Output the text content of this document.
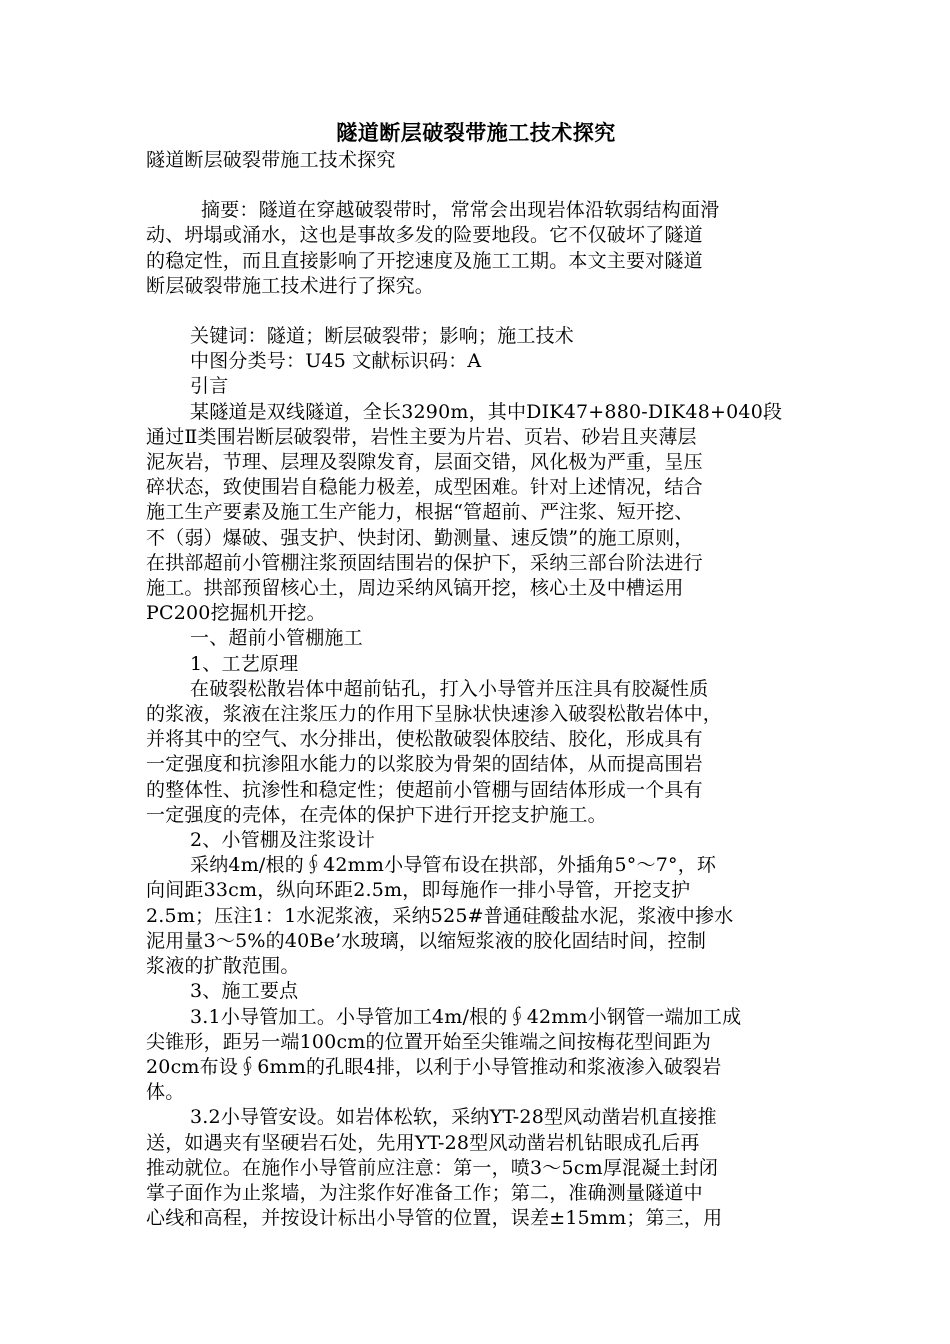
隧道断层破裂带施工技术探究
隧道断层破裂带施工技术探究
摘要：隧道在穿越破裂带时，常常会出现岩体沿软弱结构面滑
动、坍塌或涌水，这也是事故多发的险要地段。它不仅破坏了隧道
的稳定性，而且直接影响了开挖速度及施工工期。本文主要对隧道
断层破裂带施工技术进行了探究。
关键词：隧道；断层破裂带；影响；施工技术
中图分类号：U45 文献标识码：A
引言
某隧道是双线隧道，全长3290m，其中DIK47+880-DIK48+040段
通过Ⅱ类围岩断层破裂带，岩性主要为片岩、页岩、砂岩且夹薄层
泥灰岩，节理、层理及裂隙发育，层面交错，风化极为严重，呈压
碎状态，致使围岩自稳能力极差，成型困难。针对上述情况，结合
施工生产要素及施工生产能力，根据“管超前、严注浆、短开挖、
不（弱）爆破、强支护、快封闭、勤测量、速反馈”的施工原则，
在拱部超前小管棚注浆预固结围岩的保护下，采纳三部台阶法进行
施工。拱部预留核心土，周边采纳风镐开挖，核心土及中槽运用
PC200挖掘机开挖。
一、超前小管棚施工
1、工艺原理
在破裂松散岩体中超前钻孔，打入小导管并压注具有胶凝性质
的浆液，浆液在注浆压力的作用下呈脉状快速渗入破裂松散岩体中，
并将其中的空气、水分排出，使松散破裂体胶结、胶化，形成具有
一定强度和抗渗阻水能力的以浆胶为骨架的固结体，从而提高围岩
的整体性、抗渗性和稳定性；使超前小管棚与固结体形成一个具有
一定强度的壳体，在壳体的保护下进行开挖支护施工。
2、小管棚及注浆设计
采纳4m/根的∮42mm小导管布设在拱部，外插角5°～7°，环
向间距33cm，纵向环距2.5m，即每施作一排小导管，开挖支护
2.5m；压注1：1水泥浆液，采纳525#普通硅酸盐水泥，浆液中掺水
泥用量3～5%的40Be’水玻璃，以缩短浆液的胶化固结时间，控制
浆液的扩散范围。
3、施工要点
3.1小导管加工。小导管加工4m/根的∮42mm小钢管一端加工成
尖锥形，距另一端100cm的位置开始至尖锥端之间按梅花型间距为
20cm布设∮6mm的孔眼4排，以利于小导管推动和浆液渗入破裂岩
体。
3.2小导管安设。如岩体松软，采纳YT-28型风动凿岩机直接推
送，如遇夹有坚硬岩石处，先用YT-28型风动凿岩机钻眼成孔后再
推动就位。在施作小导管前应注意：第一，喷3～5cm厚混凝土封闭
掌子面作为止浆墙，为注浆作好准备工作；第二，准确测量隧道中
心线和高程，并按设计标出小导管的位置，误差±15mm；第三，用
